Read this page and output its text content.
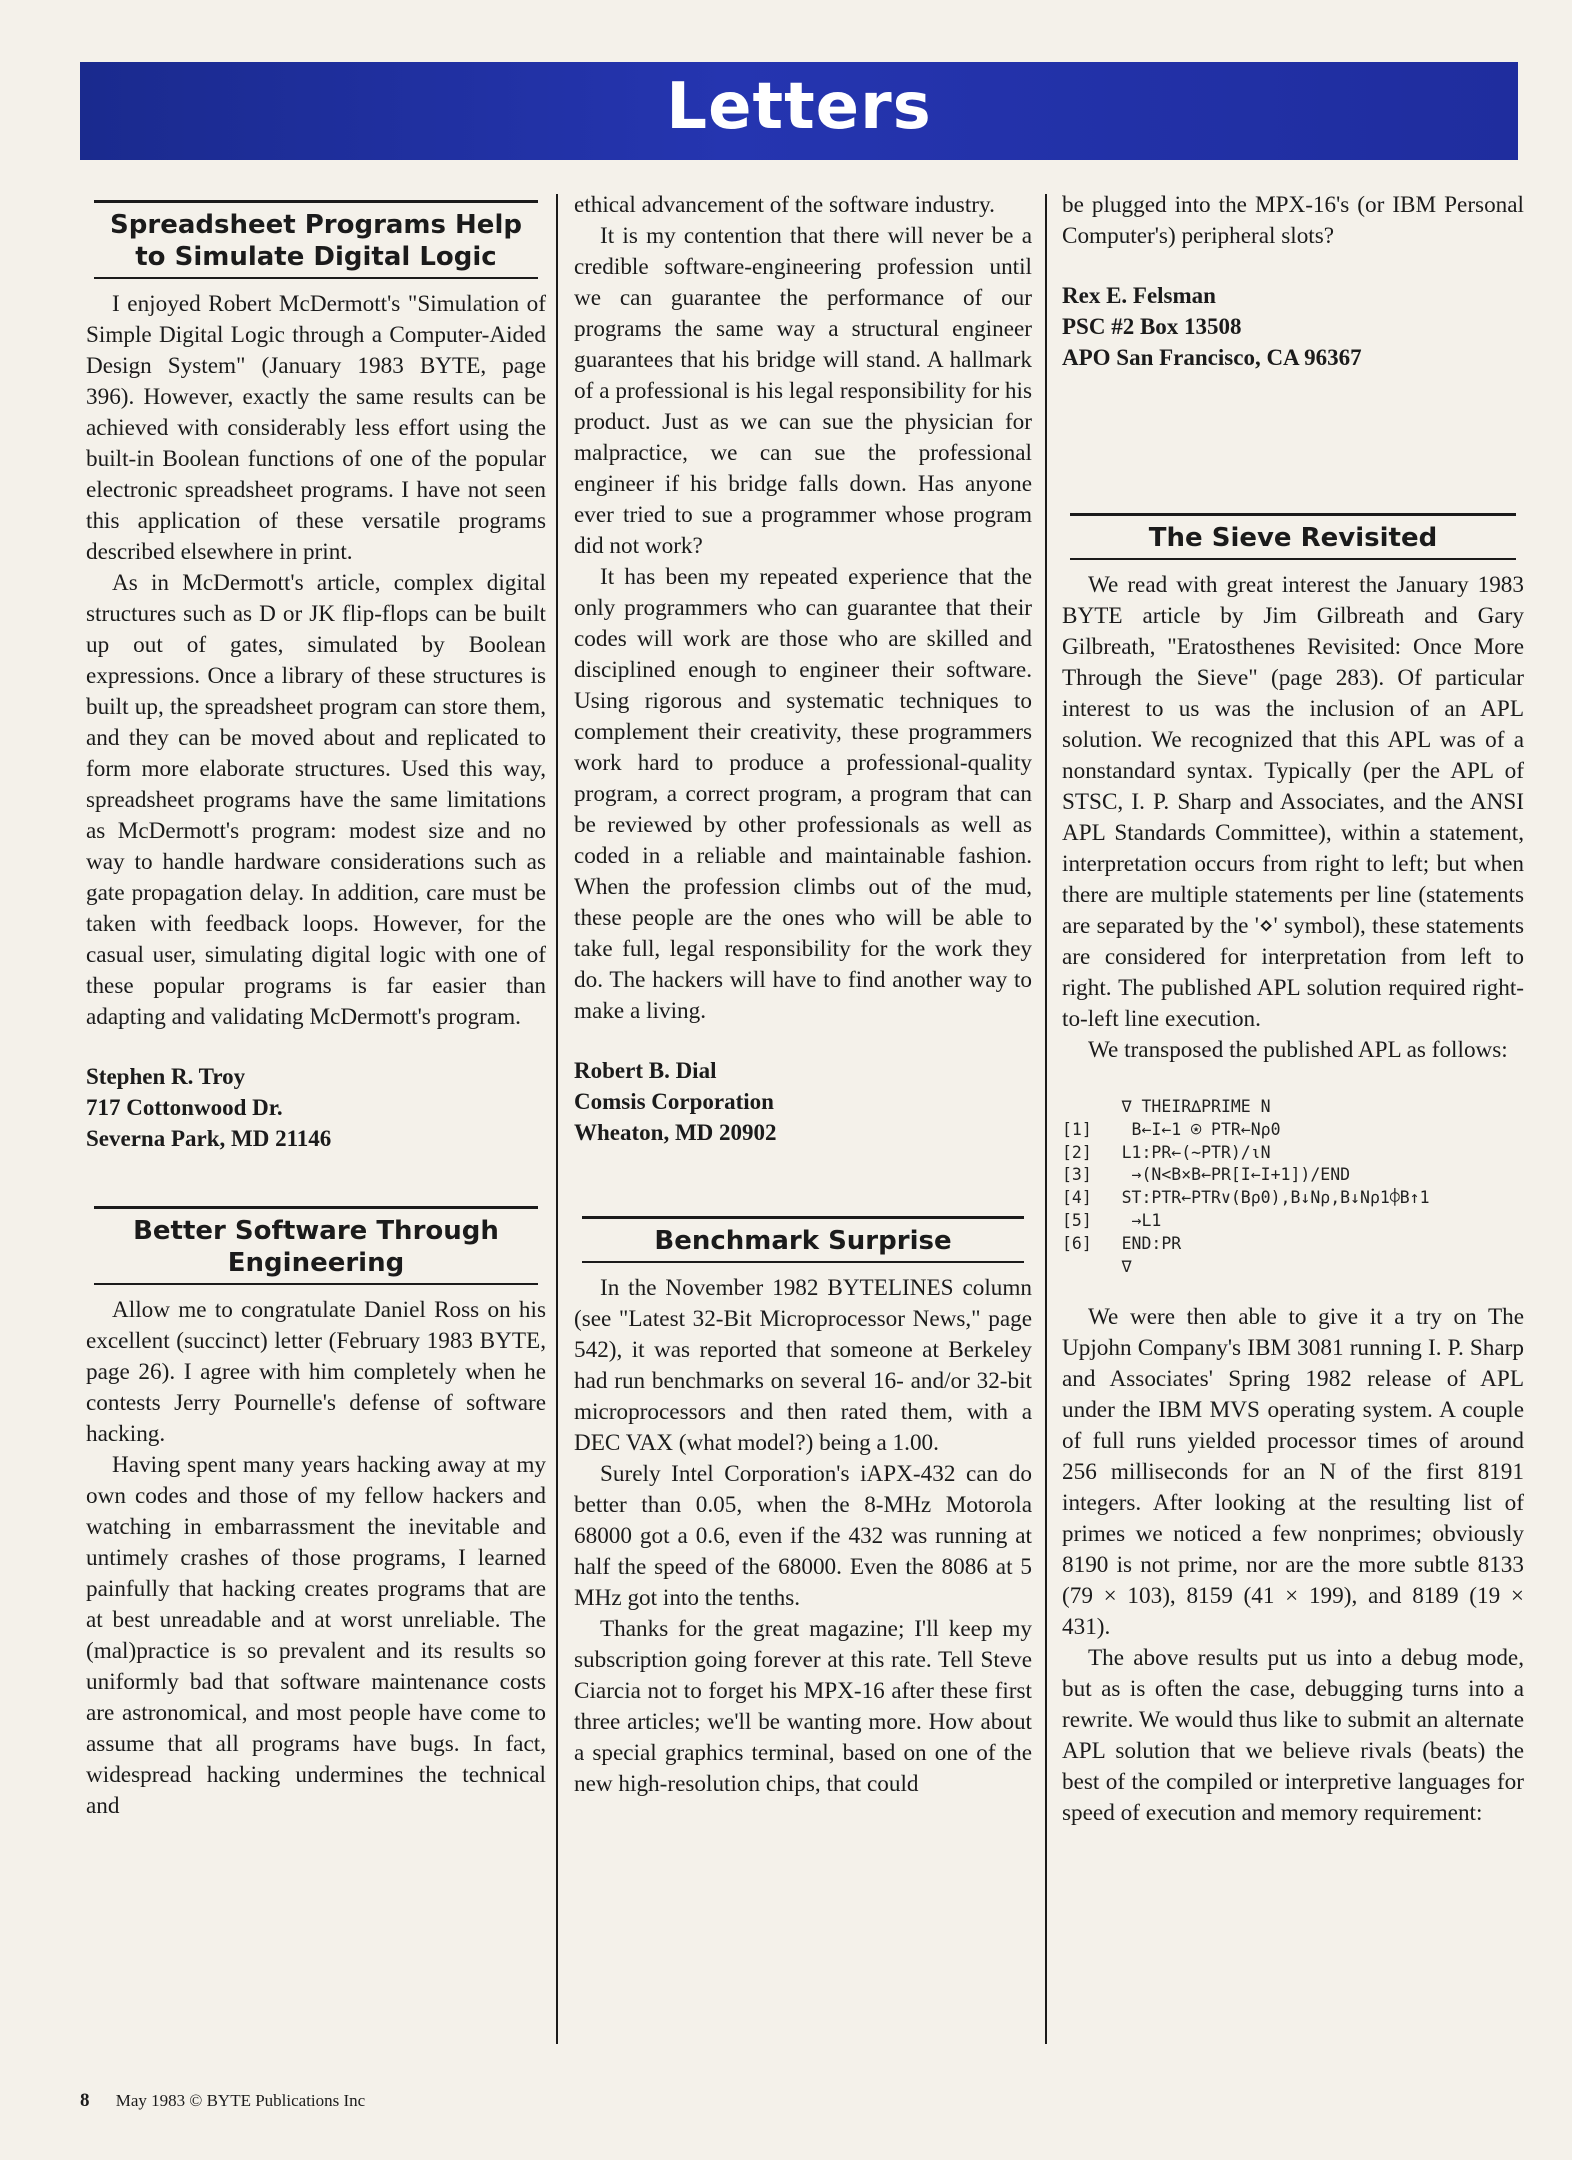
Letters
Spreadsheet Programs Help to Simulate Digital Logic

I enjoyed Robert McDermott's "Simulation of Simple Digital Logic through a Computer-Aided Design System" (January 1983 BYTE, page 396). However, exactly the same results can be achieved with considerably less effort using the built-in Boolean functions of one of the popular electronic spreadsheet programs. I have not seen this application of these versatile programs described elsewhere in print.

As in McDermott's article, complex digital structures such as D or JK flip-flops can be built up out of gates, simulated by Boolean expressions. Once a library of these structures is built up, the spreadsheet program can store them, and they can be moved about and replicated to form more elaborate structures. Used this way, spreadsheet programs have the same limitations as McDermott's program: modest size and no way to handle hardware considerations such as gate propagation delay. In addition, care must be taken with feedback loops. However, for the casual user, simulating digital logic with one of these popular programs is far easier than adapting and validating McDermott's program.

Stephen R. Troy
717 Cottonwood Dr.
Severna Park, MD 21146
Better Software Through Engineering

Allow me to congratulate Daniel Ross on his excellent (succinct) letter (February 1983 BYTE, page 26). I agree with him completely when he contests Jerry Pournelle's defense of software hacking.

Having spent many years hacking away at my own codes and those of my fellow hackers and watching in embarrassment the inevitable and untimely crashes of those programs, I learned painfully that hacking creates programs that are at best unreadable and at worst unreliable. The (mal)practice is so prevalent and its results so uniformly bad that software maintenance costs are astronomical, and most people have come to assume that all programs have bugs. In fact, widespread hacking undermines the technical and

ethical advancement of the software industry.

It is my contention that there will never be a credible software-engineering profession until we can guarantee the performance of our programs the same way a structural engineer guarantees that his bridge will stand. A hallmark of a professional is his legal responsibility for his product. Just as we can sue the physician for malpractice, we can sue the professional engineer if his bridge falls down. Has anyone ever tried to sue a programmer whose program did not work?

It has been my repeated experience that the only programmers who can guarantee that their codes will work are those who are skilled and disciplined enough to engineer their software. Using rigorous and systematic techniques to complement their creativity, these programmers work hard to produce a professional-quality program, a correct program, a program that can be reviewed by other professionals as well as coded in a reliable and maintainable fashion. When the profession climbs out of the mud, these people are the ones who will be able to take full, legal responsibility for the work they do. The hackers will have to find another way to make a living.

Robert B. Dial
Comsis Corporation
Wheaton, MD 20902
Benchmark Surprise

In the November 1982 BYTELINES column (see "Latest 32-Bit Microprocessor News," page 542), it was reported that someone at Berkeley had run benchmarks on several 16- and/or 32-bit microprocessors and then rated them, with a DEC VAX (what model?) being a 1.00.

Surely Intel Corporation's iAPX-432 can do better than 0.05, when the 8-MHz Motorola 68000 got a 0.6, even if the 432 was running at half the speed of the 68000. Even the 8086 at 5 MHz got into the tenths.

Thanks for the great magazine; I'll keep my subscription going forever at this rate. Tell Steve Ciarcia not to forget his MPX-16 after these first three articles; we'll be wanting more. How about a special graphics terminal, based on one of the new high-resolution chips, that could

be plugged into the MPX-16's (or IBM Personal Computer's) peripheral slots?

Rex E. Felsman
PSC #2 Box 13508
APO San Francisco, CA 96367
The Sieve Revisited

We read with great interest the January 1983 BYTE article by Jim Gilbreath and Gary Gilbreath, "Eratosthenes Revisited: Once More Through the Sieve" (page 283). Of particular interest to us was the inclusion of an APL solution. We recognized that this APL was of a nonstandard syntax. Typically (per the APL of STSC, I. P. Sharp and Associates, and the ANSI APL Standards Committee), within a statement, interpretation occurs from right to left; but when there are multiple statements per line (statements are separated by the '⋄' symbol), these statements are considered for interpretation from left to right. The published APL solution required right-to-left line execution.

We transposed the published APL as follows:

∇ THEIR∆PRIME N
[1]    B←I←1 ⍟ PTR←N⍴0
[2]   L1:PR←(~PTR)/⍳N
[3]    →(N<B×B←PR[I←I+1])/END
[4]   ST:PTR←PTR∨(B⍴0),B↓N⍴,B↓N⍴1⌽B↑1
[5]    →L1
[6]   END:PR
∇

We were then able to give it a try on The Upjohn Company's IBM 3081 running I. P. Sharp and Associates' Spring 1982 release of APL under the IBM MVS operating system. A couple of full runs yielded processor times of around 256 milliseconds for an N of the first 8191 integers. After looking at the resulting list of primes we noticed a few nonprimes; obviously 8190 is not prime, nor are the more subtle 8133 (79 × 103), 8159 (41 × 199), and 8189 (19 × 431).

The above results put us into a debug mode, but as is often the case, debugging turns into a rewrite. We would thus like to submit an alternate APL solution that we believe rivals (beats) the best of the compiled or interpretive languages for speed of execution and memory requirement:

8 May 1983 © BYTE Publications Inc
